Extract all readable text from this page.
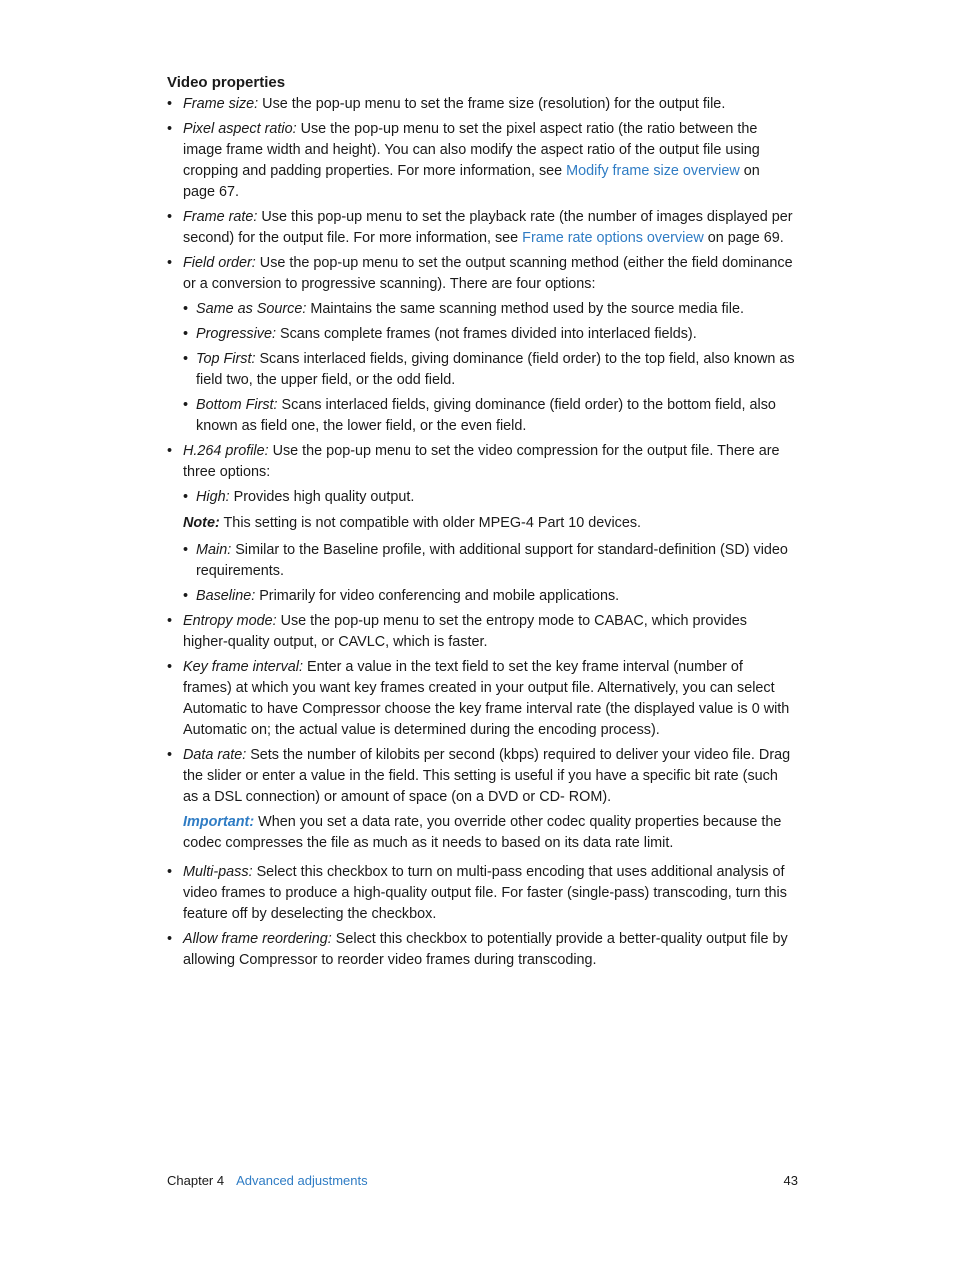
Video properties
• Frame size: Use the pop-up menu to set the frame size (resolution) for the output file.
• Pixel aspect ratio: Use the pop-up menu to set the pixel aspect ratio (the ratio between the image frame width and height). You can also modify the aspect ratio of the output file using cropping and padding properties. For more information, see Modify frame size overview on page 67.
• Frame rate: Use this pop-up menu to set the playback rate (the number of images displayed per second) for the output file. For more information, see Frame rate options overview on page 69.
• Field order: Use the pop-up menu to set the output scanning method (either the field dominance or a conversion to progressive scanning). There are four options:
• Same as Source: Maintains the same scanning method used by the source media file.
• Progressive: Scans complete frames (not frames divided into interlaced fields).
• Top First: Scans interlaced fields, giving dominance (field order) to the top field, also known as field two, the upper field, or the odd field.
• Bottom First: Scans interlaced fields, giving dominance (field order) to the bottom field, also known as field one, the lower field, or the even field.
• H.264 profile: Use the pop-up menu to set the video compression for the output file. There are three options:
• High: Provides high quality output.
Note: This setting is not compatible with older MPEG-4 Part 10 devices.
• Main: Similar to the Baseline profile, with additional support for standard-definition (SD) video requirements.
• Baseline: Primarily for video conferencing and mobile applications.
• Entropy mode: Use the pop-up menu to set the entropy mode to CABAC, which provides higher-quality output, or CAVLC, which is faster.
• Key frame interval: Enter a value in the text field to set the key frame interval (number of frames) at which you want key frames created in your output file. Alternatively, you can select Automatic to have Compressor choose the key frame interval rate (the displayed value is 0 with Automatic on; the actual value is determined during the encoding process).
• Data rate: Sets the number of kilobits per second (kbps) required to deliver your video file. Drag the slider or enter a value in the field. This setting is useful if you have a specific bit rate (such as a DSL connection) or amount of space (on a DVD or CD- ROM).
Important: When you set a data rate, you override other codec quality properties because the codec compresses the file as much as it needs to based on its data rate limit.
• Multi-pass: Select this checkbox to turn on multi-pass encoding that uses additional analysis of video frames to produce a high-quality output file. For faster (single-pass) transcoding, turn this feature off by deselecting the checkbox.
• Allow frame reordering: Select this checkbox to potentially provide a better-quality output file by allowing Compressor to reorder video frames during transcoding.
Chapter 4 Advanced adjustments	43
